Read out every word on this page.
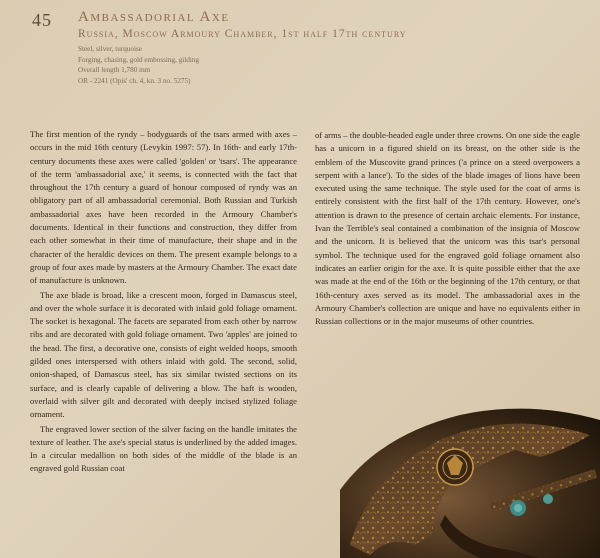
45 Ambassadorial Axe
Russia, Moscow Armoury Chamber, 1st half 17th century
Steel, silver, turquoise
Forging, chasing, gold embossing, gilding
Overall length 1,780 mm
OR - 2241 (Opis' ch. 4, kn. 3 no. 5275)

The first mention of the ryndy – bodyguards of the tsars armed with axes – occurs in the mid 16th century (Levykin 1997: 57). In 16th- and early 17th-century documents these axes were called 'golden' or 'tsars'. The appearance of the term 'ambassadorial axe,' it seems, is connected with the fact that throughout the 17th century a guard of honour composed of ryndy was an obligatory part of all ambassadorial ceremonial. Both Russian and Turkish ambassadorial axes have been recorded in the Armoury Chamber's documents. Identical in their functions and construction, they differ from each other somewhat in their time of manufacture, their shape and in the character of the heraldic devices on them. The present example belongs to a group of four axes made by masters at the Armoury Chamber. The exact date of manufacture is unknown.

The axe blade is broad, like a crescent moon, forged in Damascus steel, and over the whole surface it is decorated with inlaid gold foliage ornament. The socket is hexagonal. The facets are separated from each other by narrow ribs and are decorated with gold foliage ornament. Two 'apples' are joined to the head. The first, a decorative one, consists of eight welded hoops, smooth gilded ones interspersed with others inlaid with gold. The second, solid, onion-shaped, of Damascus steel, has six similar twisted sections on its surface, and is clearly capable of delivering a blow. The haft is wooden, overlaid with silver gilt and decorated with deeply incised stylized foliage ornament.

The engraved lower section of the silver facing on the handle imitates the texture of leather. The axe's special status is underlined by the added images. In a circular medallion on both sides of the middle of the blade is an engraved gold Russian coat

of arms – the double-headed eagle under three crowns. On one side the eagle has a unicorn in a figured shield on its breast, on the other side is the emblem of the Muscovite grand princes ('a prince on a steed overpowers a serpent with a lance'). To the sides of the blade images of lions have been executed using the same technique. The style used for the coat of arms is entirely consistent with the first half of the 17th century. However, one's attention is drawn to the presence of certain archaic elements. For instance, Ivan the Terrible's seal contained a combination of the insignia of Moscow and the unicorn. It is believed that the unicorn was this tsar's personal symbol. The technique used for the engraved gold foliage ornament also indicates an earlier origin for the axe. It is quite possible either that the axe was made at the end of the 16th or the beginning of the 17th century, or that 16th-century axes served as its model. The ambassadorial axes in the Armoury Chamber's collection are unique and have no equivalents either in Russian collections or in the major museums of other countries.
